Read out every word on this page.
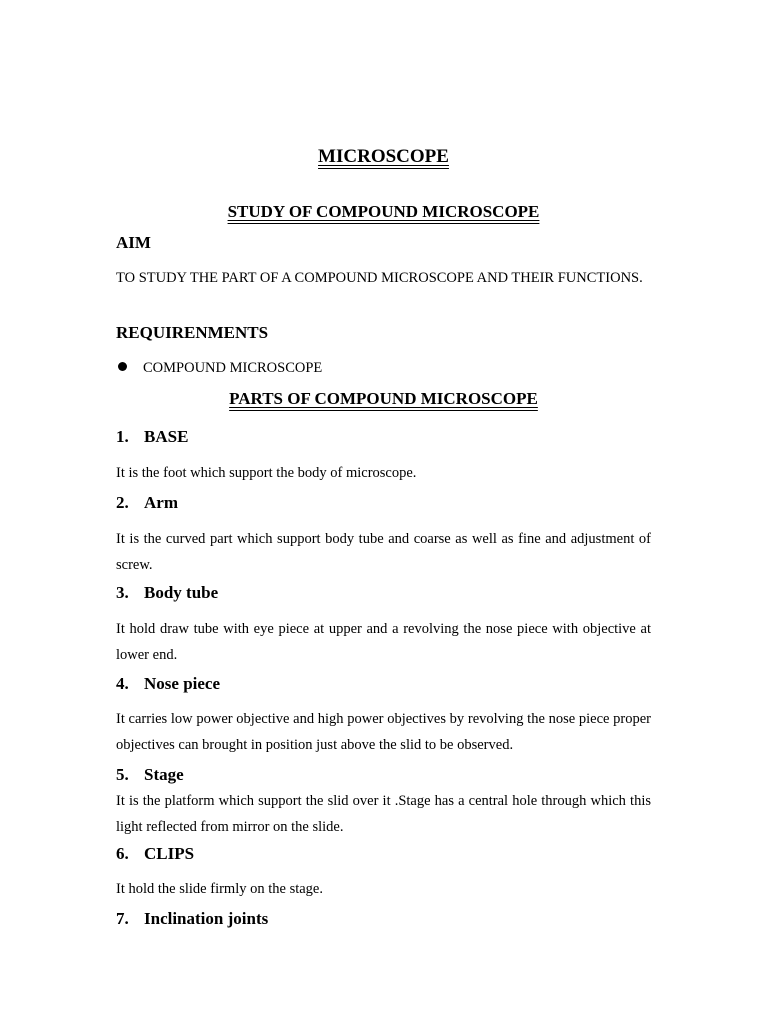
MICROSCOPE
STUDY OF COMPOUND MICROSCOPE
AIM
TO STUDY THE PART OF A COMPOUND MICROSCOPE AND THEIR FUNCTIONS.
REQUIRENMENTS
COMPOUND MICROSCOPE
PARTS OF COMPOUND MICROSCOPE
1. BASE
It is the foot which support the body of microscope.
2. Arm
It is the curved part which support body tube and coarse as well as fine and adjustment of screw.
3. Body tube
It hold draw tube with eye piece at upper and a revolving the nose piece with objective at lower end.
4. Nose piece
It carries low power objective and high power objectives by revolving the nose piece proper objectives can brought in position just above the slid to be observed.
5. Stage
It is the platform which support the slid over it .Stage has a central hole through which this light reflected from mirror on the slide.
6. CLIPS
It hold the slide firmly on the stage.
7. Inclination joints
